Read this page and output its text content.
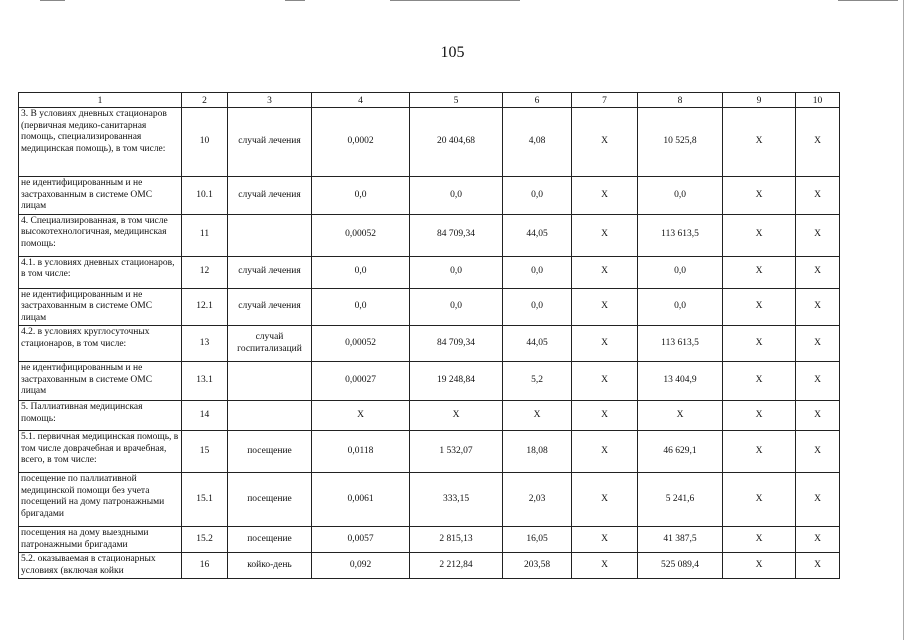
105
1	2	3	4	5	6	7	8	9	10
3. В условиях дневных стационаров (первичная медико-санитарная помощь, специализированная медицинская помощь), в том числе:	10	случай лечения	0,0002	20 404,68	4,08	Х	10 525,8	Х	Х
не идентифицированным и не застрахованным в системе ОМС лицам	10.1	случай лечения	0,0	0,0	0,0	Х	0,0	Х	Х
4. Специализированная, в том числе высокотехнологичная, медицинская помощь:	11		0,00052	84 709,34	44,05	Х	113 613,5	Х	Х
4.1. в условиях дневных стационаров, в том числе:	12	случай лечения	0,0	0,0	0,0	Х	0,0	Х	Х
не идентифицированным и не застрахованным в системе ОМС лицам	12.1	случай лечения	0,0	0,0	0,0	Х	0,0	Х	Х
4.2. в условиях круглосуточных стационаров, в том числе:	13	случай госпитализаций	0,00052	84 709,34	44,05	Х	113 613,5	Х	Х
не идентифицированным и не застрахованным в системе ОМС лицам	13.1		0,00027	19 248,84	5,2	Х	13 404,9	Х	Х
5. Паллиативная медицинская помощь:	14		Х	Х	Х	Х	Х	Х	Х
5.1. первичная медицинская помощь, в том числе доврачебная и врачебная, всего, в том числе:	15	посещение	0,0118	1 532,07	18,08	Х	46 629,1	Х	Х
посещение по паллиативной медицинской помощи без учета посещений на дому патронажными бригадами	15.1	посещение	0,0061	333,15	2,03	Х	5 241,6	Х	Х
посещения на дому выездными патронажными бригадами	15.2	посещение	0,0057	2 815,13	16,05	Х	41 387,5	Х	Х
5.2. оказываемая в стационарных условиях (включая койки	16	койко-день	0,092	2 212,84	203,58	Х	525 089,4	Х	Х
